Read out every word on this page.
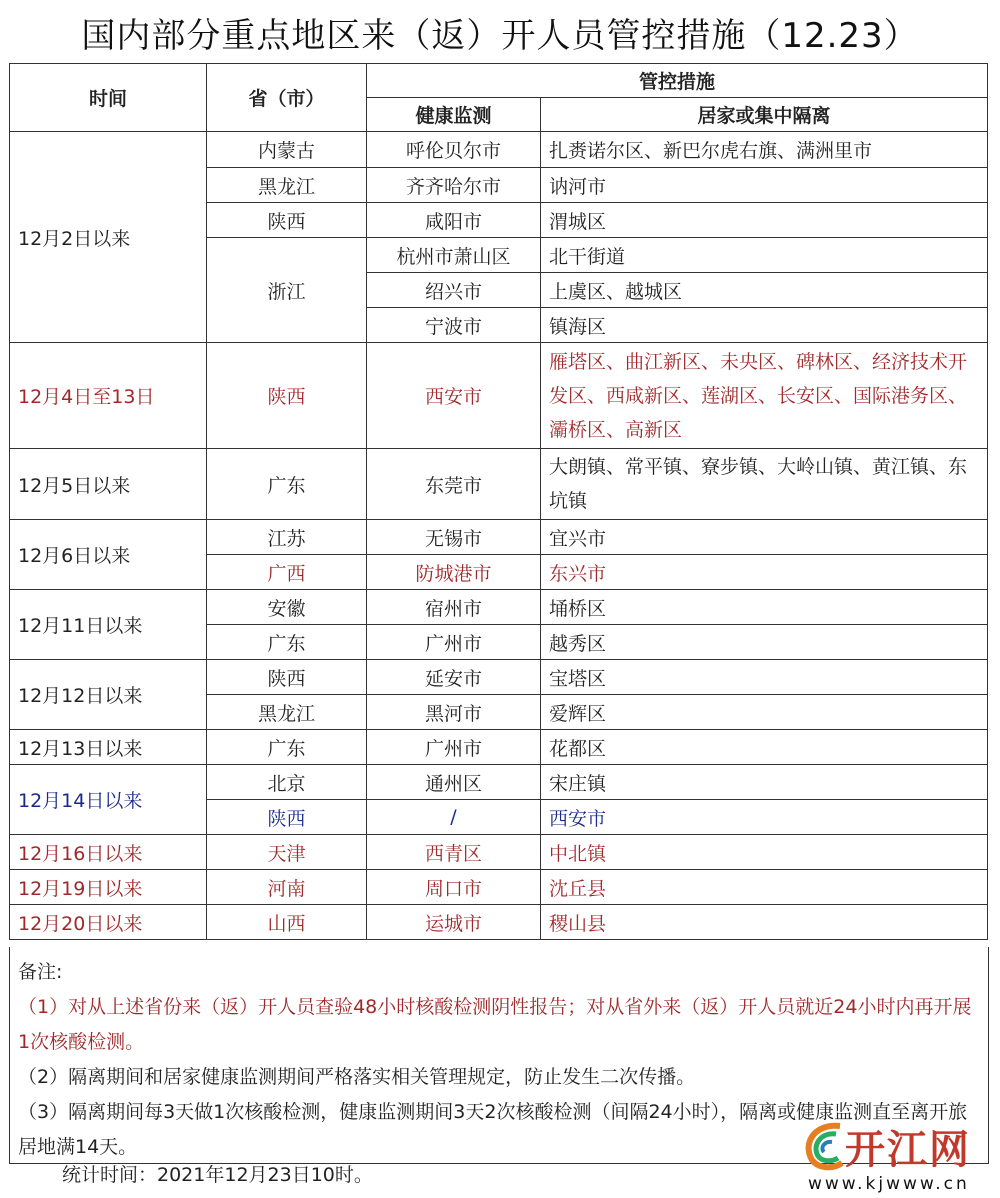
国内部分重点地区来（返）开人员管控措施（12.23）
时间	省（市）	管控措施	
		健康监测	居家或集中隔离
12月2日以来	内蒙古	呼伦贝尔市	扎赉诺尔区、新巴尔虎右旗、满洲里市
	黑龙江	齐齐哈尔市	讷河市
	陕西	咸阳市	渭城区
	浙江	杭州市萧山区	北干街道
		绍兴市	上虞区、越城区
		宁波市	镇海区
12月4日至13日	陕西	西安市	雁塔区、曲江新区、未央区、碑林区、经济技术开发区、西咸新区、莲湖区、长安区、国际港务区、灞桥区、高新区
12月5日以来	广东	东莞市	大朗镇、常平镇、寮步镇、大岭山镇、黄江镇、东坑镇
12月6日以来	江苏	无锡市	宜兴市
	广西	防城港市	东兴市
12月11日以来	安徽	宿州市	埇桥区
	广东	广州市	越秀区
12月12日以来	陕西	延安市	宝塔区
	黑龙江	黑河市	爱辉区
12月13日以来	广东	广州市	花都区
12月14日以来	北京	通州区	宋庄镇
	陕西	/	西安市
12月16日以来	天津	西青区	中北镇
12月19日以来	河南	周口市	沈丘县
12月20日以来	山西	运城市	稷山县

备注:

（1）对从上述省份来（返）开人员查验48小时核酸检测阴性报告；对从省外来（返）开人员就近24小时内再开展1次核酸检测。

（2）隔离期间和居家健康监测期间严格落实相关管理规定，防止发生二次传播。

（3）隔离期间每3天做1次核酸检测，健康监测期间3天2次核酸检测（间隔24小时），隔离或健康监测直至离开旅居地满14天。

统计时间：2021年12月23日10时。
开江网
www.kjwww.cn
